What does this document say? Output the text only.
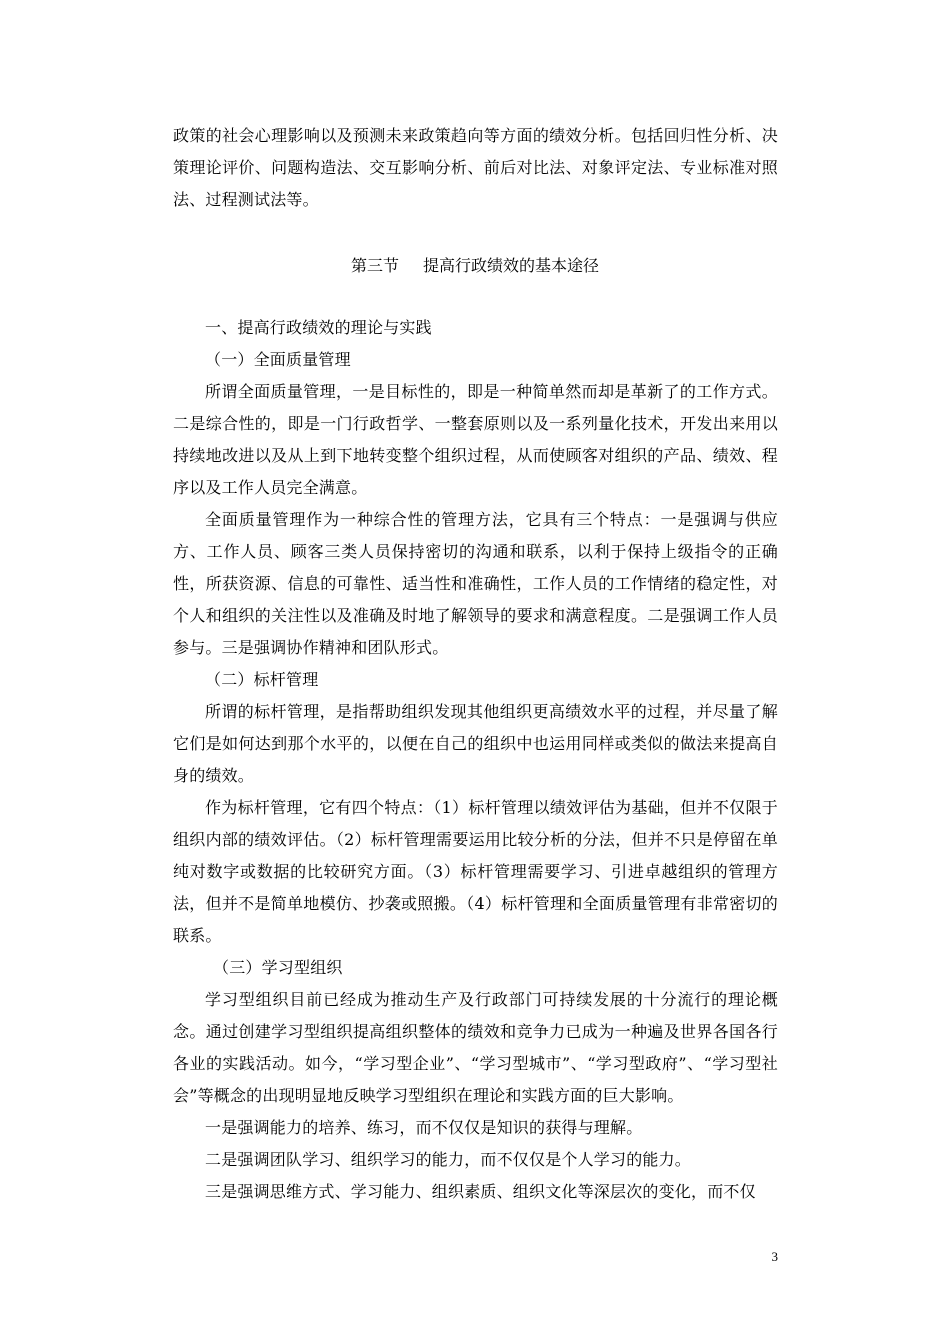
政策的社会心理影响以及预测未来政策趋向等方面的绩效分析。包括回归性分析、决策理论评价、问题构造法、交互影响分析、前后对比法、对象评定法、专业标准对照法、过程测试法等。

第三节 提高行政绩效的基本途径

一、提高行政绩效的理论与实践

（一）全面质量管理

所谓全面质量管理，一是目标性的，即是一种简单然而却是革新了的工作方式。二是综合性的，即是一门行政哲学、一整套原则以及一系列量化技术，开发出来用以持续地改进以及从上到下地转变整个组织过程，从而使顾客对组织的产品、绩效、程序以及工作人员完全满意。

全面质量管理作为一种综合性的管理方法，它具有三个特点：一是强调与供应方、工作人员、顾客三类人员保持密切的沟通和联系，以利于保持上级指令的正确性，所获资源、信息的可靠性、适当性和准确性，工作人员的工作情绪的稳定性，对个人和组织的关注性以及准确及时地了解领导的要求和满意程度。二是强调工作人员参与。三是强调协作精神和团队形式。

（二）标杆管理

所谓的标杆管理，是指帮助组织发现其他组织更高绩效水平的过程，并尽量了解它们是如何达到那个水平的，以便在自己的组织中也运用同样或类似的做法来提高自身的绩效。

作为标杆管理，它有四个特点：（1）标杆管理以绩效评估为基础，但并不仅限于组织内部的绩效评估。（2）标杆管理需要运用比较分析的分法，但并不只是停留在单纯对数字或数据的比较研究方面。（3）标杆管理需要学习、引进卓越组织的管理方法，但并不是简单地模仿、抄袭或照搬。（4）标杆管理和全面质量管理有非常密切的联系。

（三）学习型组织

学习型组织目前已经成为推动生产及行政部门可持续发展的十分流行的理论概念。通过创建学习型组织提高组织整体的绩效和竞争力已成为一种遍及世界各国各行各业的实践活动。如今，“学习型企业”、“学习型城市”、“学习型政府”、“学习型社会”等概念的出现明显地反映学习型组织在理论和实践方面的巨大影响。

一是强调能力的培养、练习，而不仅仅是知识的获得与理解。

二是强调团队学习、组织学习的能力，而不仅仅是个人学习的能力。

三是强调思维方式、学习能力、组织素质、组织文化等深层次的变化，而不仅

3
